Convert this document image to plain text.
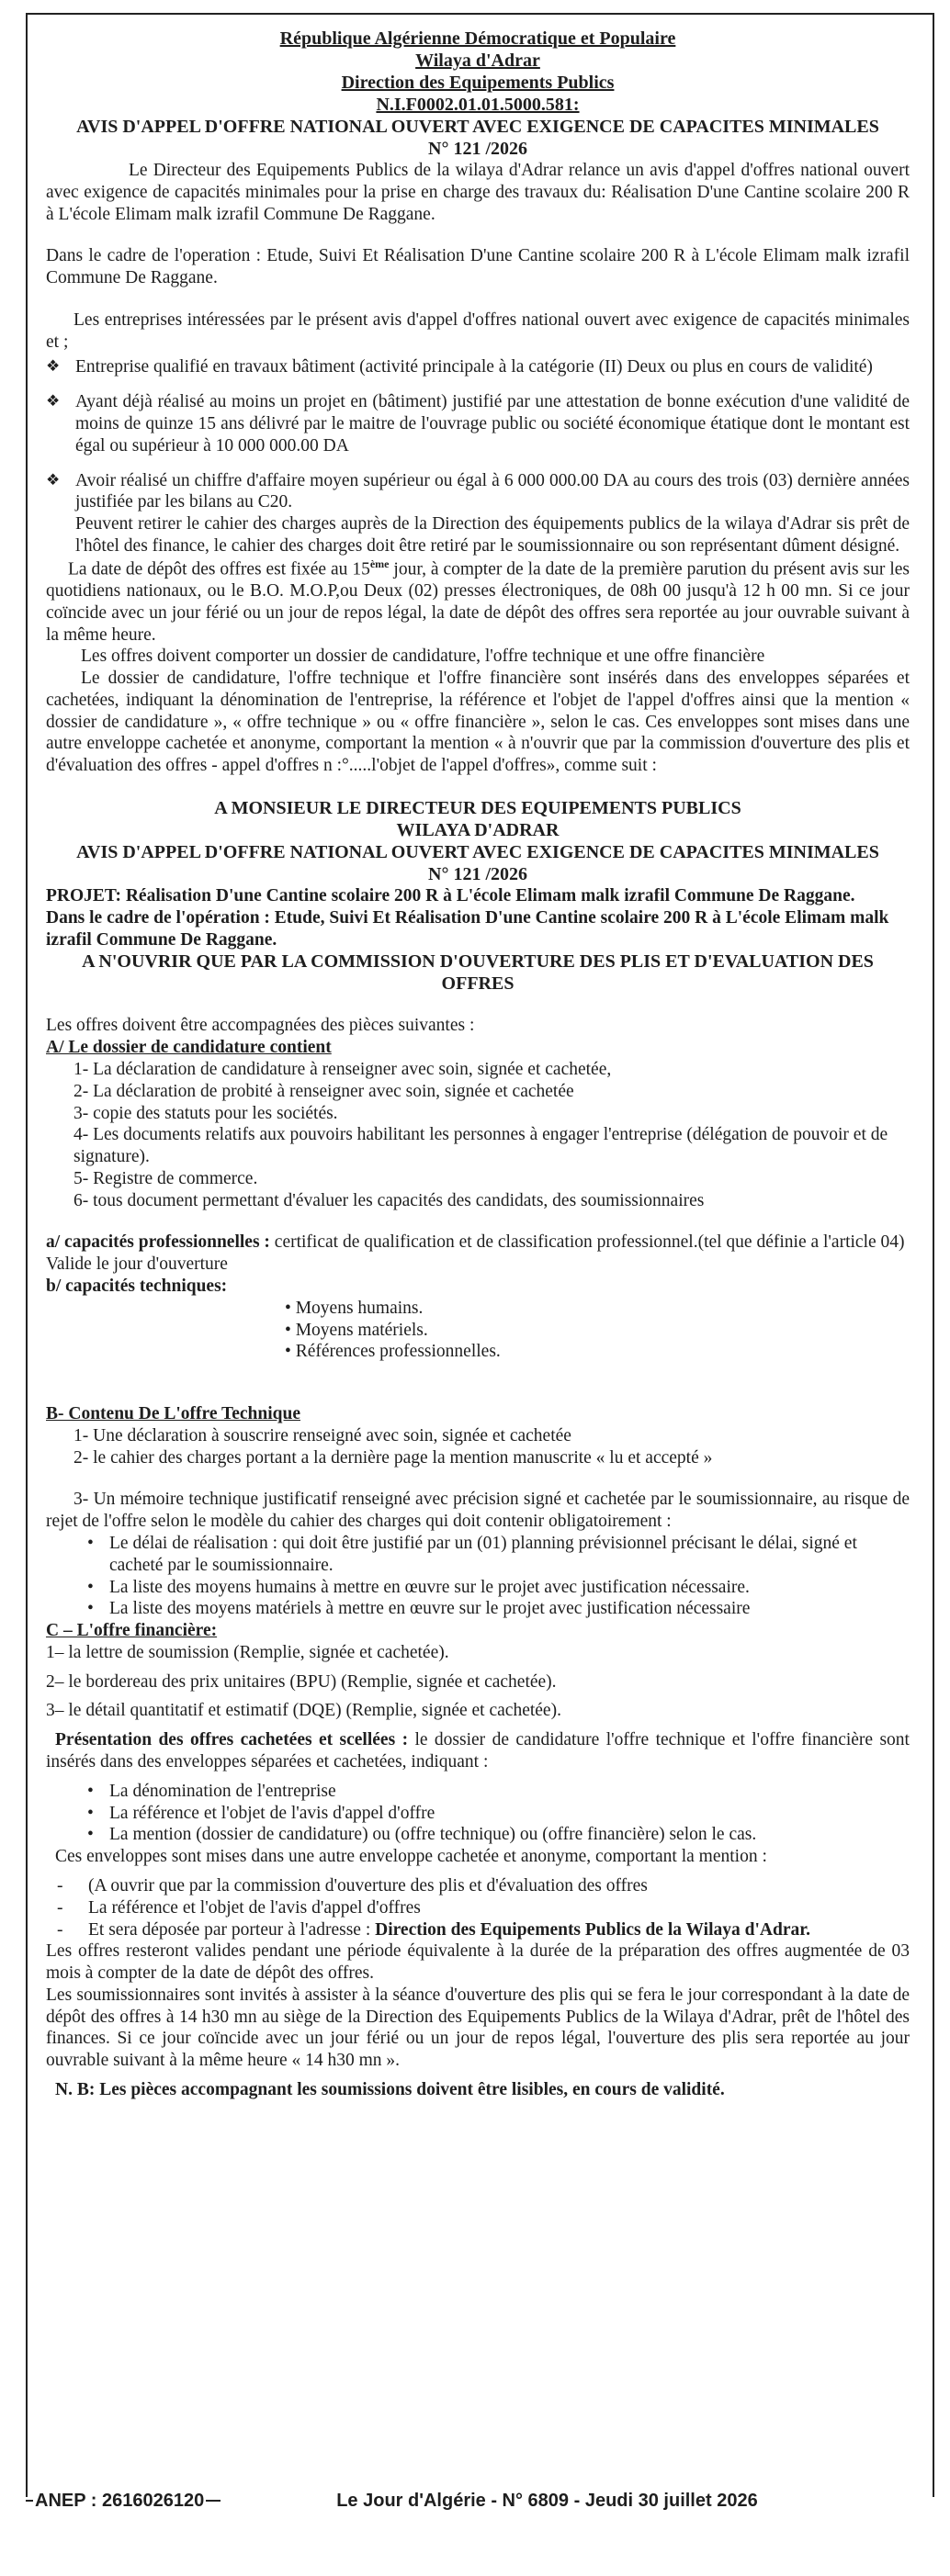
République Algérienne Démocratique et Populaire

Wilaya d'Adrar

Direction des Equipements Publics

N.I.F0002.01.01.5000.581:

AVIS D'APPEL D'OFFRE NATIONAL OUVERT AVEC EXIGENCE DE CAPACITES MINIMALES

N° 121 /2026

Le Directeur des Equipements Publics de la wilaya d'Adrar relance un avis d'appel d'offres national ouvert avec exigence de capacités minimales pour la prise en charge des travaux du: Réalisation D'une Cantine scolaire 200 R à L'école Elimam malk izrafil Commune De Raggane.

Dans le cadre de l'operation : Etude, Suivi Et Réalisation D'une Cantine scolaire 200 R à L'école Elimam malk izrafil Commune De Raggane.

Les entreprises intéressées par le présent avis d'appel d'offres national ouvert avec exigence de capacités minimales et ;

❖ Entreprise qualifié en travaux bâtiment (activité principale à la catégorie (II) Deux ou plus en cours de validité)
❖ Ayant déjà réalisé au moins un projet en (bâtiment) justifié par une attestation de bonne exécution d'une validité de moins de quinze 15 ans délivré par le maitre de l'ouvrage public ou société économique étatique dont le montant est égal ou supérieur à 10 000 000.00 DA
❖ Avoir réalisé un chiffre d'affaire moyen supérieur ou égal à 6 000 000.00 DA au cours des trois (03) dernière années justifiée par les bilans au C20.

Peuvent retirer le cahier des charges auprès de la Direction des équipements publics de la wilaya d'Adrar sis prêt de l'hôtel des finance, le cahier des charges doit être retiré par le soumissionnaire ou son représentant dûment désigné.

La date de dépôt des offres est fixée au 15ème jour, à compter de la date de la première parution du présent avis sur les quotidiens nationaux, ou le B.O. M.O.P,ou Deux (02) presses électroniques, de 08h 00 jusqu'à 12 h 00 mn. Si ce jour coïncide avec un jour férié ou un jour de repos légal, la date de dépôt des offres sera reportée au jour ouvrable suivant à la même heure.

Les offres doivent comporter un dossier de candidature, l'offre technique et une offre financière

Le dossier de candidature, l'offre technique et l'offre financière sont insérés dans des enveloppes séparées et cachetées, indiquant la dénomination de l'entreprise, la référence et l'objet de l'appel d'offres ainsi que la mention « dossier de candidature », « offre technique » ou « offre financière », selon le cas. Ces enveloppes sont mises dans une autre enveloppe cachetée et anonyme, comportant la mention « à n'ouvrir que par la commission d'ouverture des plis et d'évaluation des offres - appel d'offres n :°.....l'objet de l'appel d'offres», comme suit :

A MONSIEUR LE DIRECTEUR DES EQUIPEMENTS PUBLICS

WILAYA D'ADRAR

AVIS D'APPEL D'OFFRE NATIONAL OUVERT AVEC EXIGENCE DE CAPACITES MINIMALES

N° 121 /2026

PROJET: Réalisation D'une Cantine scolaire 200 R à L'école Elimam malk izrafil Commune De Raggane.

Dans le cadre de l'opération : Etude, Suivi Et Réalisation D'une Cantine scolaire 200 R à L'école Elimam malk izrafil Commune De Raggane.

A N'OUVRIR QUE PAR LA COMMISSION D'OUVERTURE DES PLIS ET D'EVALUATION DES OFFRES

Les offres doivent être accompagnées des pièces suivantes :

A/ Le dossier de candidature contient

1- La déclaration de candidature à renseigner avec soin, signée et cachetée,

2- La déclaration de probité à renseigner avec soin, signée et cachetée

3- copie des statuts pour les sociétés.

4- Les documents relatifs aux pouvoirs habilitant les personnes à engager l'entreprise (délégation de pouvoir et de signature).

5- Registre de commerce.

6- tous document permettant d'évaluer les capacités des candidats, des soumissionnaires

a/ capacités professionnelles : certificat de qualification et de classification professionnel.(tel que définie a l'article 04) Valide le jour d'ouverture

b/ capacités techniques:

• Moyens humains.

• Moyens matériels.

• Références professionnelles.

B- Contenu De L'offre Technique

1- Une déclaration à souscrire renseigné avec soin, signée et cachetée

2- le cahier des charges portant a la dernière page la mention manuscrite « lu et accepté »

3- Un mémoire technique justificatif renseigné avec précision signé et cachetée par le soumissionnaire, au risque de rejet de l'offre selon le modèle du cahier des charges qui doit contenir obligatoirement :

• Le délai de réalisation : qui doit être justifié par un (01) planning prévisionnel précisant le délai, signé et cacheté par le soumissionnaire.
• La liste des moyens humains à mettre en œuvre sur le projet avec justification nécessaire.
• La liste des moyens matériels à mettre en œuvre sur le projet avec justification nécessaire

C – L'offre financière:

1– la lettre de soumission (Remplie, signée et cachetée).

2– le bordereau des prix unitaires (BPU) (Remplie, signée et cachetée).

3– le détail quantitatif et estimatif (DQE) (Remplie, signée et cachetée).

Présentation des offres cachetées et scellées : le dossier de candidature l'offre technique et l'offre financière sont insérés dans des enveloppes séparées et cachetées, indiquant :

• La dénomination de l'entreprise
• La référence et l'objet de l'avis d'appel d'offre
• La mention (dossier de candidature) ou (offre technique) ou (offre financière) selon le cas.

Ces enveloppes sont mises dans une autre enveloppe cachetée et anonyme, comportant la mention :

- (A ouvrir que par la commission d'ouverture des plis et d'évaluation des offres
- La référence et l'objet de l'avis d'appel d'offres
- Et sera déposée par porteur à l'adresse : Direction des Equipements Publics de la Wilaya d'Adrar.

Les offres resteront valides pendant une période équivalente à la durée de la préparation des offres augmentée de 03 mois à compter de la date de dépôt des offres.

Les soumissionnaires sont invités à assister à la séance d'ouverture des plis qui se fera le jour correspondant à la date de dépôt des offres à 14 h30 mn au siège de la Direction des Equipements Publics de la Wilaya d'Adrar, prêt de l'hôtel des finances. Si ce jour coïncide avec un jour férié ou un jour de repos légal, l'ouverture des plis sera reportée au jour ouvrable suivant à la même heure « 14 h30 mn ».

N. B: Les pièces accompagnant les soumissions doivent être lisibles, en cours de validité.

ANEP : 2616026120	Le Jour d'Algérie - N° 6809 - Jeudi 30 juillet 2026
